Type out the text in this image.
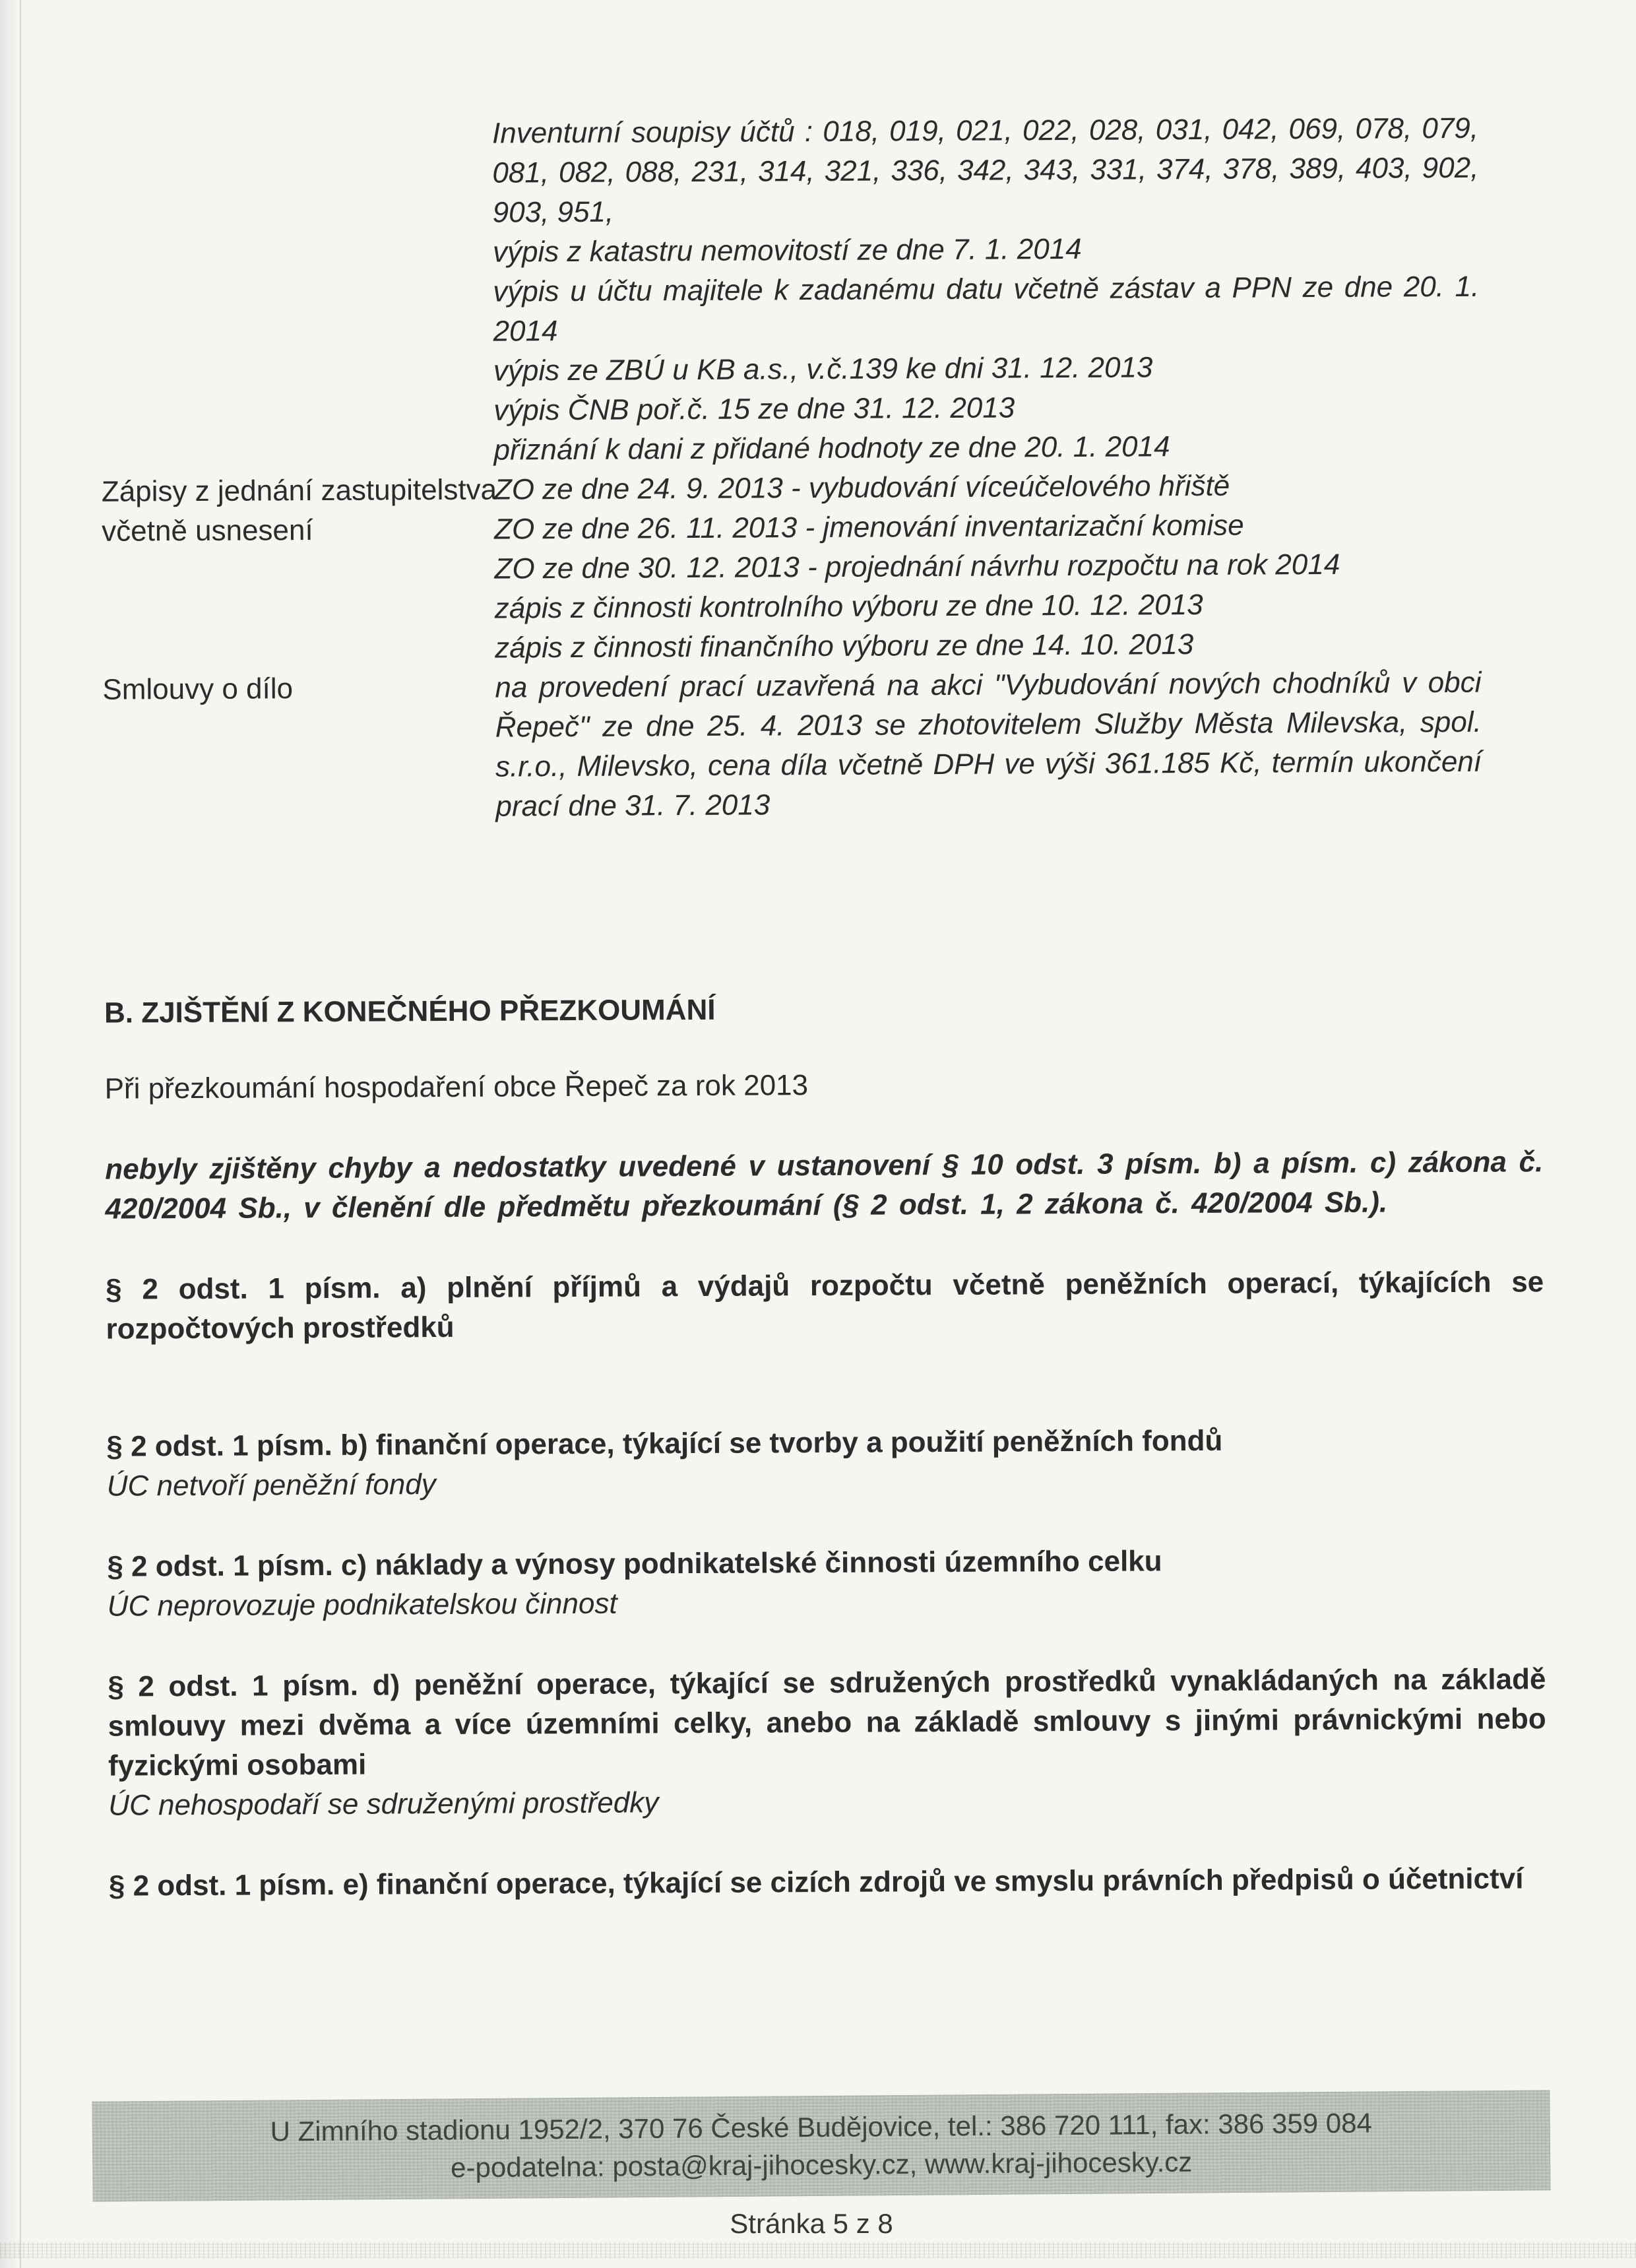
Inventurní soupisy účtů : 018, 019, 021, 022, 028, 031, 042, 069, 078, 079, 081, 082, 088, 231, 314, 321, 336, 342, 343, 331, 374, 378, 389, 403, 902, 903, 951,

výpis z katastru nemovitostí ze dne 7. 1. 2014

výpis u účtu majitele k zadanému datu včetně zástav a PPN ze dne 20. 1. 2014

výpis ze ZBÚ u KB a.s., v.č.139 ke dni 31. 12. 2013

výpis ČNB poř.č. 15 ze dne 31. 12. 2013

přiznání k dani z přidané hodnoty ze dne 20. 1. 2014

Zápisy z jednání zastupitelstva
včetně usnesení

ZO ze dne 24. 9. 2013 - vybudování víceúčelového hřiště

ZO ze dne 26. 11. 2013 - jmenování inventarizační komise

ZO ze dne 30. 12. 2013 - projednání návrhu rozpočtu na rok 2014

zápis z činnosti kontrolního výboru ze dne 10. 12. 2013

zápis z činnosti finančního výboru ze dne 14. 10. 2013

Smlouvy o dílo	na provedení prací uzavřená na akci "Vybudování nových chodníků v obci Řepeč" ze dne 25. 4. 2013 se zhotovitelem Služby Města Milevska, spol. s.r.o., Milevsko, cena díla včetně DPH ve výši 361.185 Kč, termín ukončení prací dne 31. 7. 2013

B. ZJIŠTĚNÍ Z KONEČNÉHO PŘEZKOUMÁNÍ
Při přezkoumání hospodaření obce Řepeč za rok 2013
nebyly zjištěny chyby a nedostatky uvedené v ustanovení § 10 odst. 3 písm. b) a písm. c) zákona č. 420/2004 Sb., v členění dle předmětu přezkoumání (§ 2 odst. 1, 2 zákona č. 420/2004 Sb.).
§ 2 odst. 1 písm. a) plnění příjmů a výdajů rozpočtu včetně peněžních operací, týkajících se rozpočtových prostředků
§ 2 odst. 1 písm. b) finanční operace, týkající se tvorby a použití peněžních fondů
ÚC netvoří peněžní fondy
§ 2 odst. 1 písm. c) náklady a výnosy podnikatelské činnosti územního celku
ÚC neprovozuje podnikatelskou činnost
§ 2 odst. 1 písm. d) peněžní operace, týkající se sdružených prostředků vynakládaných na základě smlouvy mezi dvěma a více územními celky, anebo na základě smlouvy s jinými právnickými nebo fyzickými osobami
ÚC nehospodaří se sdruženými prostředky
§ 2 odst. 1 písm. e) finanční operace, týkající se cizích zdrojů ve smyslu právních předpisů o účetnictví
U Zimního stadionu 1952/2, 370 76 České Budějovice, tel.: 386 720 111, fax: 386 359 084
e-podatelna: posta@kraj-jihocesky.cz, www.kraj-jihocesky.cz
Stránka 5 z 8
